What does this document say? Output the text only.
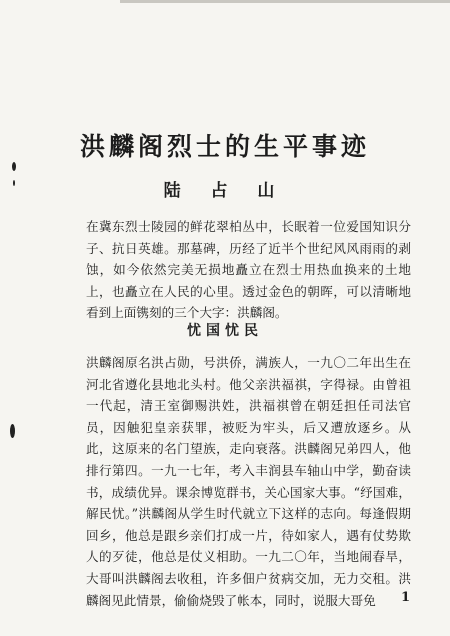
洪麟阁烈士的生平事迹
陆 占 山

在冀东烈士陵园的鲜花翠柏丛中，长眠着一位爱国知识分子、抗日英雄。那墓碑，历经了近半个世纪风风雨雨的剥蚀，如今依然完美无损地矗立在烈士用热血换来的土地上，也矗立在人民的心里。透过金色的朝晖，可以清晰地看到上面镌刻的三个大字：洪麟阁。

忧国忧民

洪麟阁原名洪占勋，号洪侨，满族人，一九〇二年出生在河北省遵化县地北头村。他父亲洪福祺，字得禄。由曾祖一代起，清王室御赐洪姓，洪福祺曾在朝廷担任司法官员，因触犯皇亲获罪，被贬为牢头，后又遭放逐乡。从此，这原来的名门望族，走向衰落。洪麟阁兄弟四人，他排行第四。一九一七年，考入丰润县车轴山中学，勤奋读书，成绩优异。课余博览群书，关心国家大事。“纾国难，解民忧。”洪麟阁从学生时代就立下这样的志向。每逢假期回乡，他总是跟乡亲们打成一片，待如家人，遇有仗势欺人的歹徒，他总是仗义相助。一九二〇年，当地闹春旱，大哥叫洪麟阁去收租，许多佃户贫病交加，无力交租。洪麟阁见此情景，偷偷烧毁了帐本，同时，说服大哥免	1
